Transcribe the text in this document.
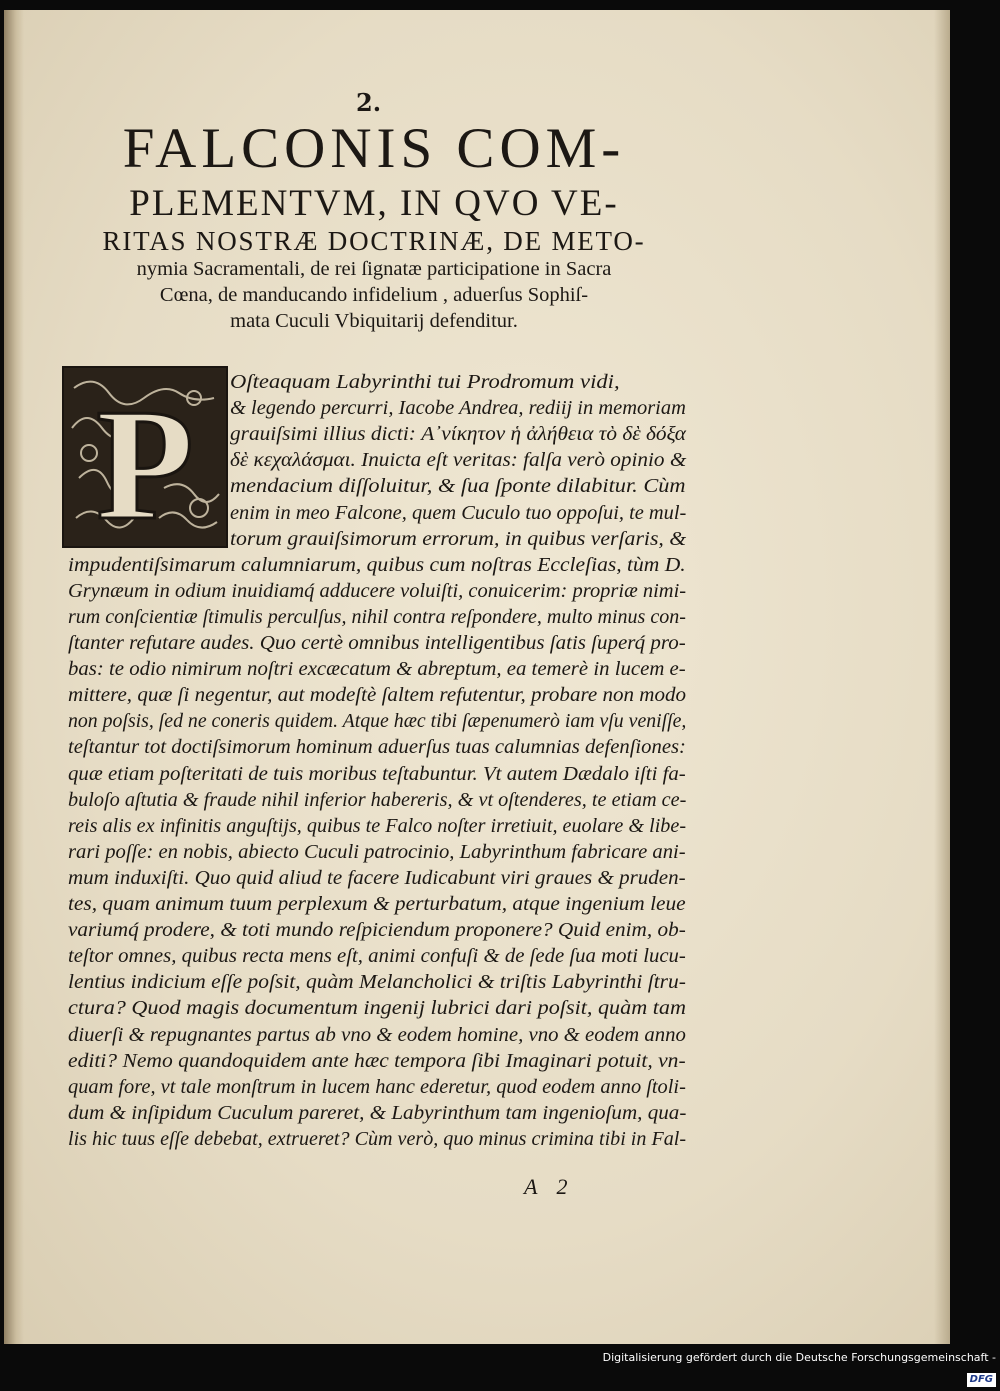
2.
FALCONIS COM-
PLEMENTVM, IN QVO VE-
RITAS NOSTRÆ DOCTRINÆ, DE METO-
nymia Sacramentali, de rei ſignatæ participatione in Sacra
Cœna, de manducando infidelium , aduerſus Sophiſ-
mata Cuculi Vbiquitarij defenditur.
P Oſteaquam Labyrinthi tui Prodromum vidi,
& legendo percurri, Iacobe Andrea, rediij in memoriam
grauiſsimi illius dicti: Α᾿νίκητον ἡ ἀλήθεια τὸ δὲ δόξα
δὲ κεχαλάσμαι. Inuicta eſt veritas: falſa verò opinio &
mendacium diſſoluitur, & ſua ſponte dilabitur. Cùm
enim in meo Falcone, quem Cuculo tuo oppoſui, te mul-
torum grauiſsimorum errorum, in quibus verſaris, &
impudentiſsimarum calumniarum, quibus cum noſtras Eccleſias, tùm D.
Grynæum in odium inuidiamq́ adducere voluiſti, conuicerim: propriæ nimi-
rum conſcientiæ ſtimulis perculſus, nihil contra reſpondere, multo minus con-
ſtanter refutare audes. Quo certè omnibus intelligentibus ſatis ſuperq́ pro-
bas: te odio nimirum noſtri excæcatum & abreptum, ea temerè in lucem e-
mittere, quæ ſi negentur, aut modeſtè ſaltem refutentur, probare non modo
non poſsis, ſed ne coneris quidem. Atque hæc tibi ſæpenumerò iam vſu veniſſe,
teſtantur tot doctiſsimorum hominum aduerſus tuas calumnias defenſiones:
quæ etiam poſteritati de tuis moribus teſtabuntur. Vt autem Dædalo iſti fa-
buloſo aſtutia & fraude nihil inferior habereris, & vt oſtenderes, te etiam ce-
reis alis ex infinitis anguſtijs, quibus te Falco noſter irretiuit, euolare & libe-
rari poſſe: en nobis, abiecto Cuculi patrocinio, Labyrinthum fabricare ani-
mum induxiſti. Quo quid aliud te facere Iudicabunt viri graues & pruden-
tes, quam animum tuum perplexum & perturbatum, atque ingenium leue
variumq́ prodere, & toti mundo reſpiciendum proponere? Quid enim, ob-
teſtor omnes, quibus recta mens eſt, animi confuſi & de ſede ſua moti lucu-
lentius indicium eſſe poſsit, quàm Melancholici & triſtis Labyrinthi ſtru-
ctura? Quod magis documentum ingenij lubrici dari poſsit, quàm tam
diuerſi & repugnantes partus ab vno & eodem homine, vno & eodem anno
editi? Nemo quandoquidem ante hæc tempora ſibi Imaginari potuit, vn-
quam fore, vt tale monſtrum in lucem hanc ederetur, quod eodem anno ſtoli-
dum & inſipidum Cuculum pareret, & Labyrinthum tam ingenioſum, qua-
lis hic tuus eſſe debebat, extrueret? Cùm verò, quo minus crimina tibi in Fal-
A 2
Digitalisierung gefördert durch die Deutsche Forschungsgemeinschaft -DFG
